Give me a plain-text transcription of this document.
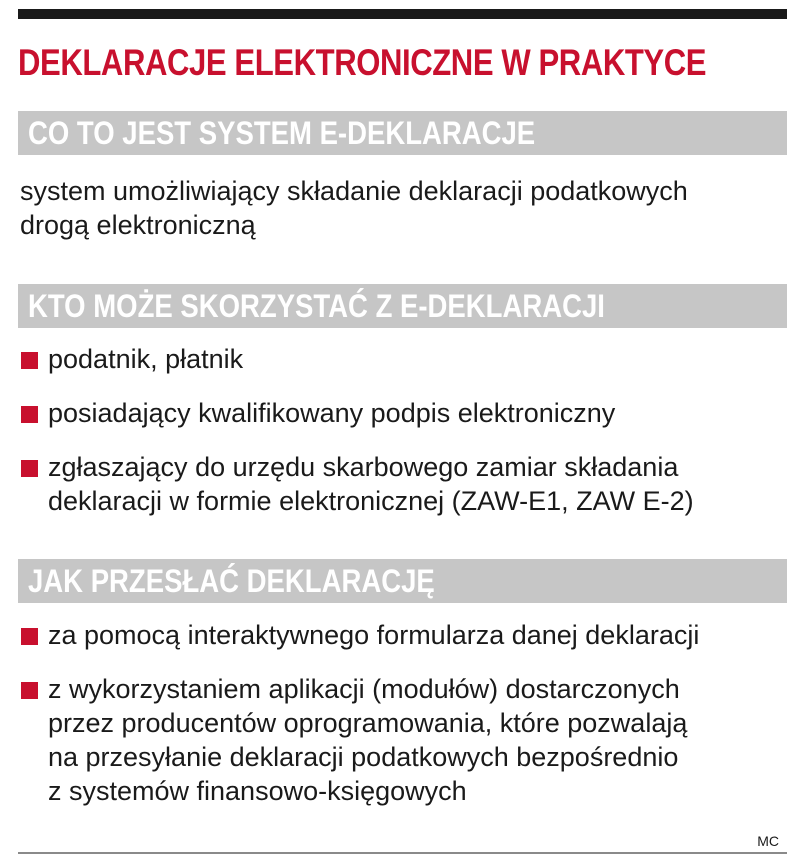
DEKLARACJE ELEKTRONICZNE W PRAKTYCE
CO TO JEST SYSTEM E-DEKLARACJE

system umożliwiający składanie deklaracji podatkowych
drogą elektroniczną

KTO MOŻE SKORZYSTAĆ Z E-DEKLARACJI
podatnik, płatnik
posiadający kwalifikowany podpis elektroniczny
zgłaszający do urzędu skarbowego zamiar składania
deklaracji w formie elektronicznej (ZAW-E1, ZAW E-2)
JAK PRZESŁAĆ DEKLARACJĘ
za pomocą interaktywnego formularza danej deklaracji
z wykorzystaniem aplikacji (modułów) dostarczonych
przez producentów oprogramowania, które pozwalają
na przesyłanie deklaracji podatkowych bezpośrednio
z systemów finansowo-księgowych
MC
